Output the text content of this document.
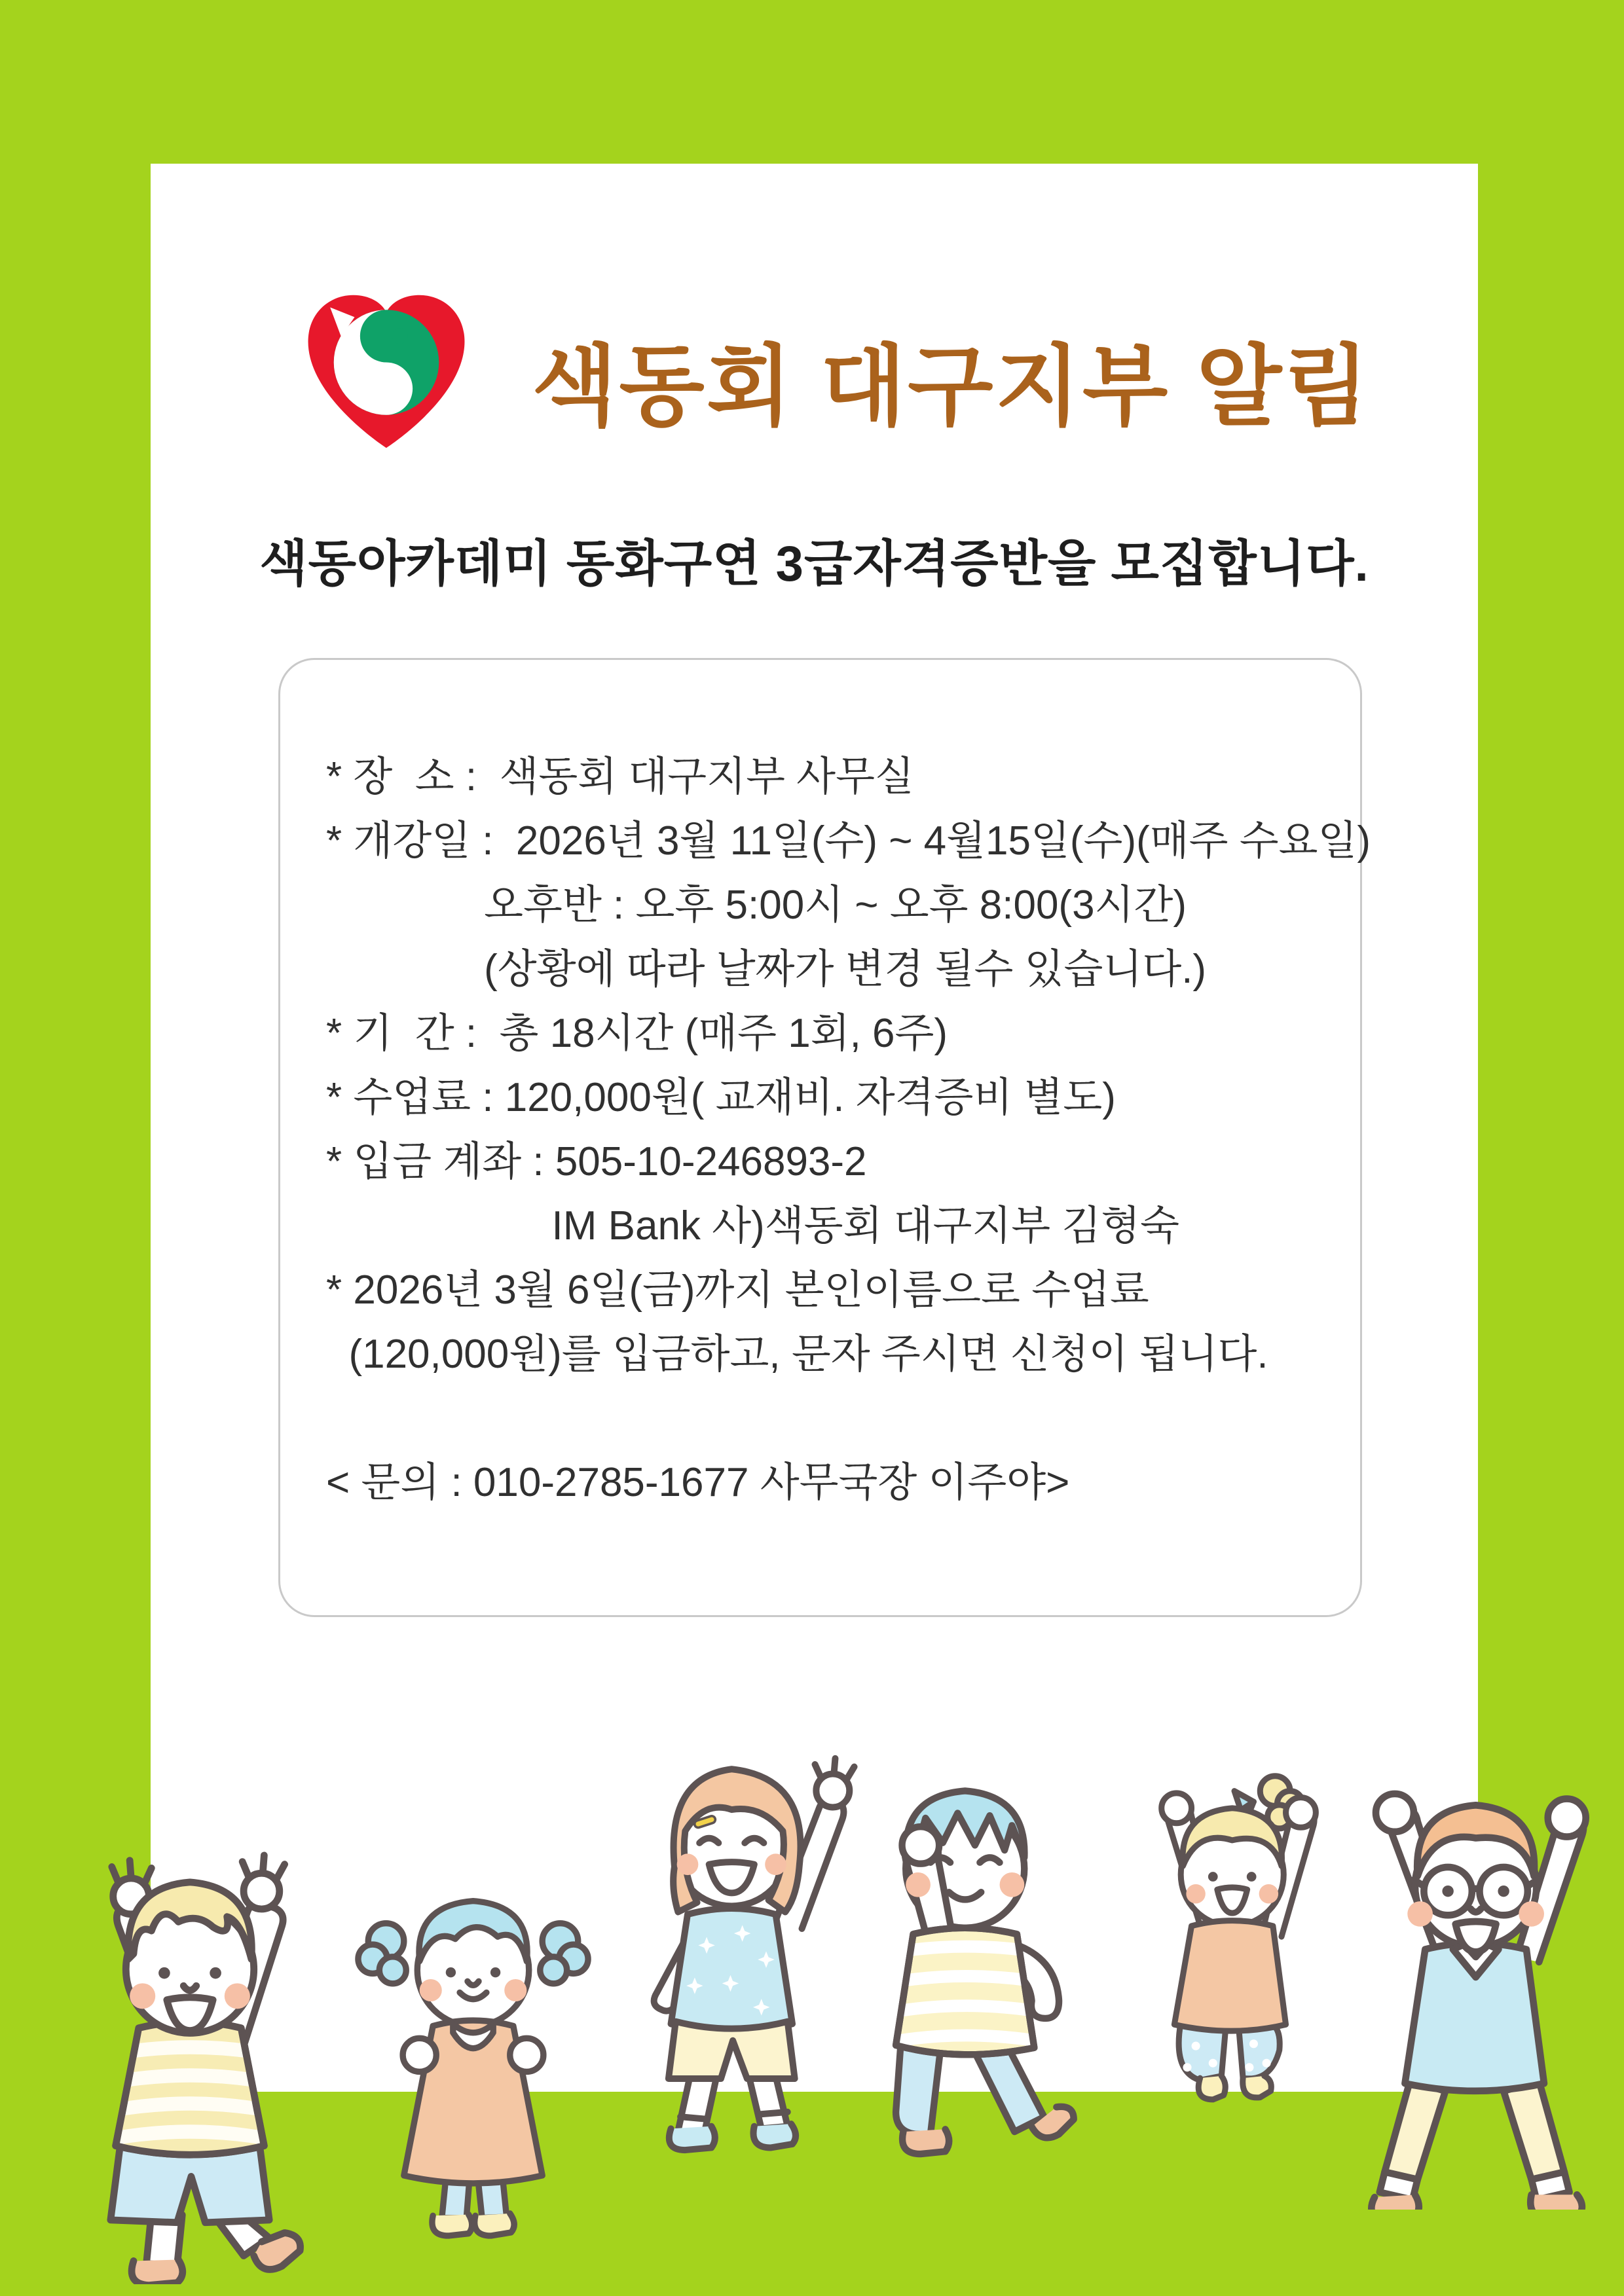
색동회 대구지부 알림
색동아카데미 동화구연 3급자격증반을 모집합니다.
* 장  소 :  색동회 대구지부 사무실
* 개강일 :  2026년 3월 11일(수) ~ 4월15일(수)(매주 수요일)
오후반 : 오후 5:00시 ~ 오후 8:00(3시간)
(상황에 따라 날짜가 변경 될수 있습니다.)
* 기  간 :  총 18시간 (매주 1회, 6주)
* 수업료 : 120,000원( 교재비. 자격증비 별도)
* 입금 계좌 : 505-10-246893-2
IM Bank 사)색동회 대구지부 김형숙
* 2026년 3월 6일(금)까지 본인이름으로 수업료
(120,000원)를 입금하고, 문자 주시면 신청이 됩니다.
< 문의 : 010-2785-1677 사무국장 이주야>
